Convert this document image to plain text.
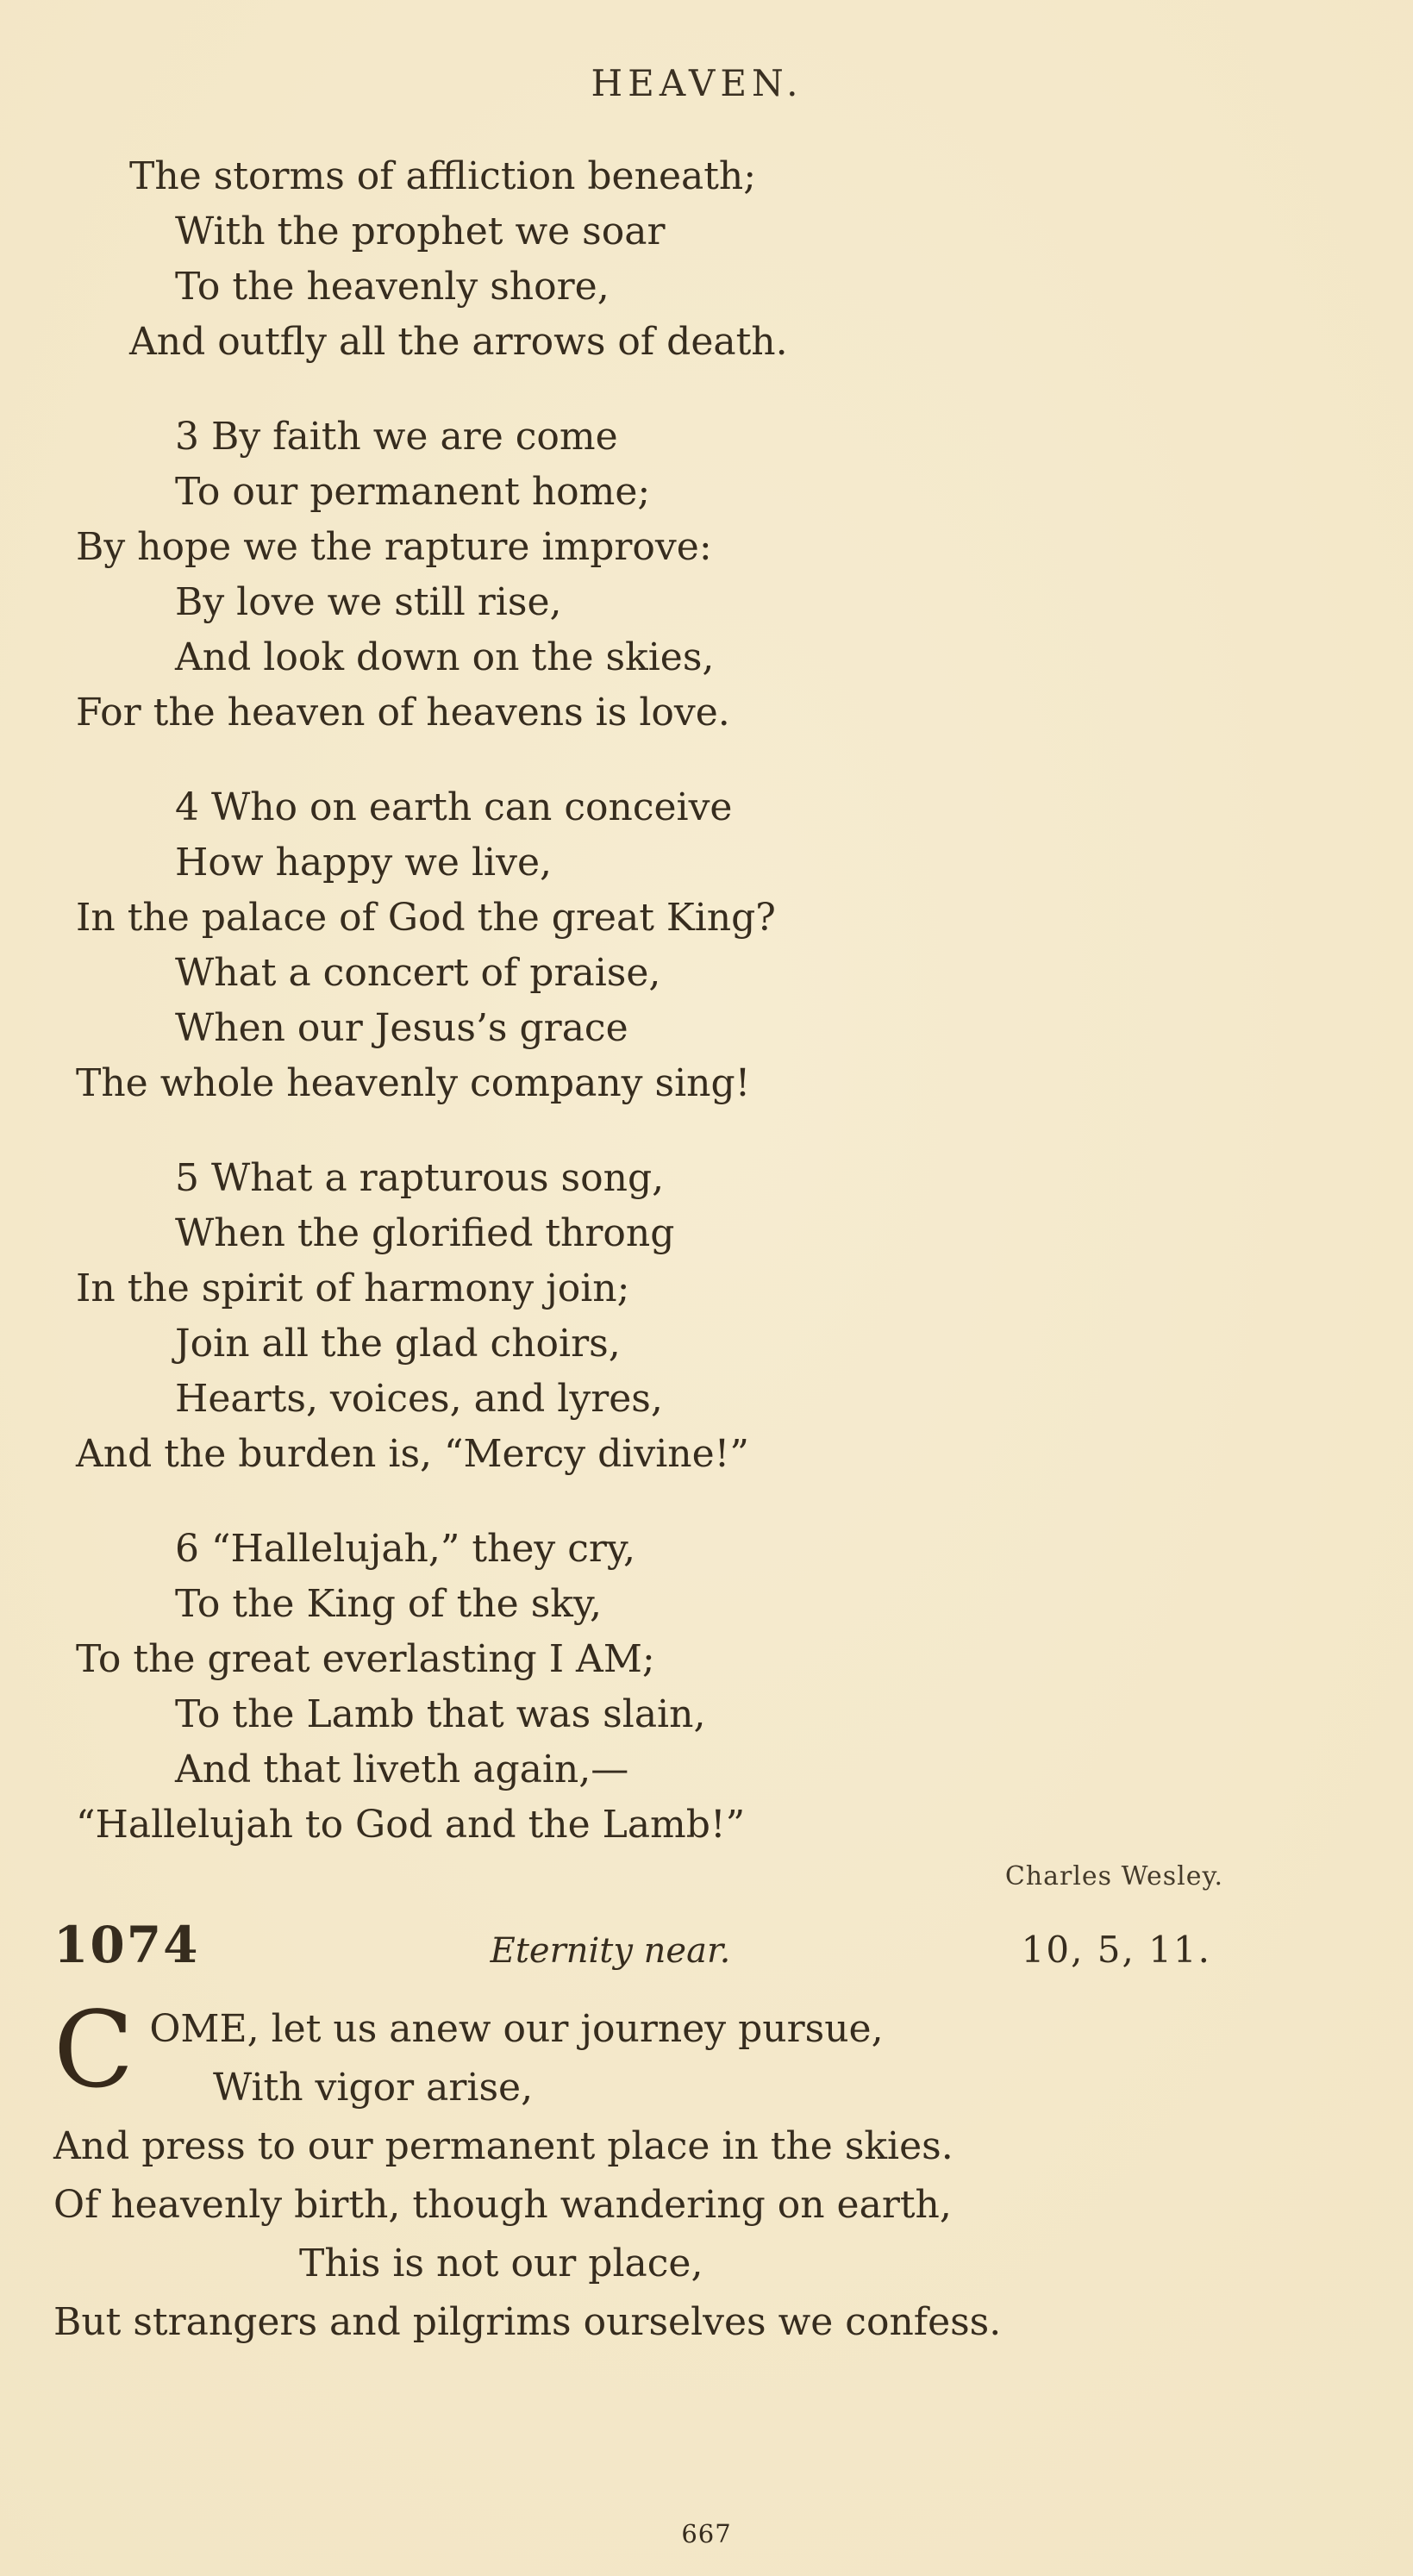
HEAVEN.
The storms of affliction beneath;
With the prophet we soar
To the heavenly shore,
And outfly all the arrows of death.
3 By faith we are come
To our permanent home;
By hope we the rapture improve:
By love we still rise,
And look down on the skies,
For the heaven of heavens is love.
4 Who on earth can conceive
How happy we live,
In the palace of God the great King?
What a concert of praise,
When our Jesus’s grace
The whole heavenly company sing!
5 What a rapturous song,
When the glorified throng
In the spirit of harmony join;
Join all the glad choirs,
Hearts, voices, and lyres,
And the burden is, “Mercy divine!”
6 “Hallelujah,” they cry,
To the King of the sky,
To the great everlasting I AM;
To the Lamb that was slain,
And that liveth again,—
“Hallelujah to God and the Lamb!”
Charles Wesley.
1074	Eternity near.	10, 5, 11.
C OME, let us anew our journey pursue,
With vigor arise,
And press to our permanent place in the skies.
Of heavenly birth, though wandering on earth,
This is not our place,
But strangers and pilgrims ourselves we confess.
667
